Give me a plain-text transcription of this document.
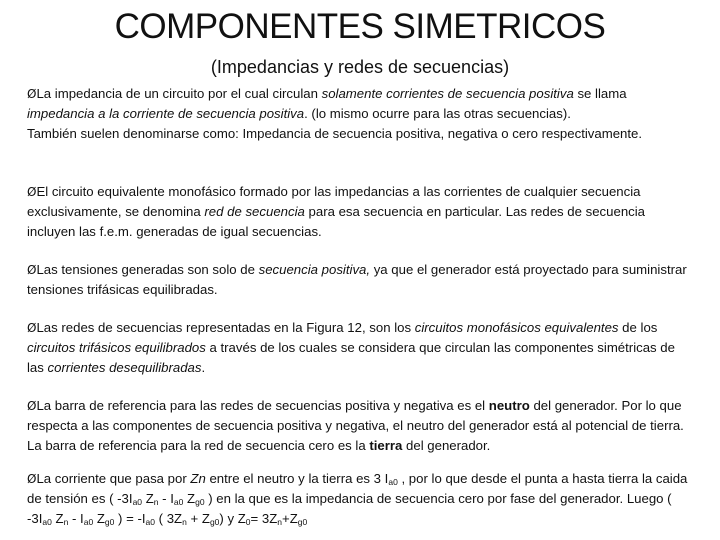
COMPONENTES SIMETRICOS
(Impedancias y redes de secuencias)

ØLa impedancia de un circuito por el cual circulan solamente corrientes de secuencia positiva se llama impedancia a la corriente de secuencia positiva. (lo mismo ocurre para las otras secuencias).
También suelen denominarse como: Impedancia de secuencia positiva, negativa o cero respectivamente.

ØEl circuito equivalente monofásico formado por las impedancias a las corrientes de cualquier secuencia exclusivamente, se denomina red de secuencia para esa secuencia en particular. Las redes de secuencia incluyen las f.e.m. generadas de igual secuencias.

ØLas tensiones generadas son solo de secuencia positiva, ya que el generador está proyectado para suministrar tensiones trifásicas equilibradas.

ØLas redes de secuencias representadas en la Figura 12, son los circuitos monofásicos equivalentes de los circuitos trifásicos equilibrados a través de los cuales se considera que circulan las componentes simétricas de las corrientes desequilibradas.

ØLa barra de referencia para las redes de secuencias positiva y negativa es el neutro del generador. Por lo que respecta a las componentes de secuencia positiva y negativa, el neutro del generador está al potencial de tierra. La barra de referencia para la red de secuencia cero es la tierra del generador.

ØLa corriente que pasa por Zn entre el neutro y la tierra es 3 $I_{a0}$ , por lo que desde el punta a hasta tierra la caida de tensión es ( $-3I_{a0}$ $Z_n - I_{a0}$ $Z_{g0}$ ) en la que es la impedancia de secuencia cero por fase del generador. Luego ( $-3I_{a0}$ $Z_n - I_{a0}$ $Z_{g0}$ ) = $-I_{a0}$ ( $3Z_n + Z_{g0}$) y $Z_0= 3Z_n+Z_{g0}$
